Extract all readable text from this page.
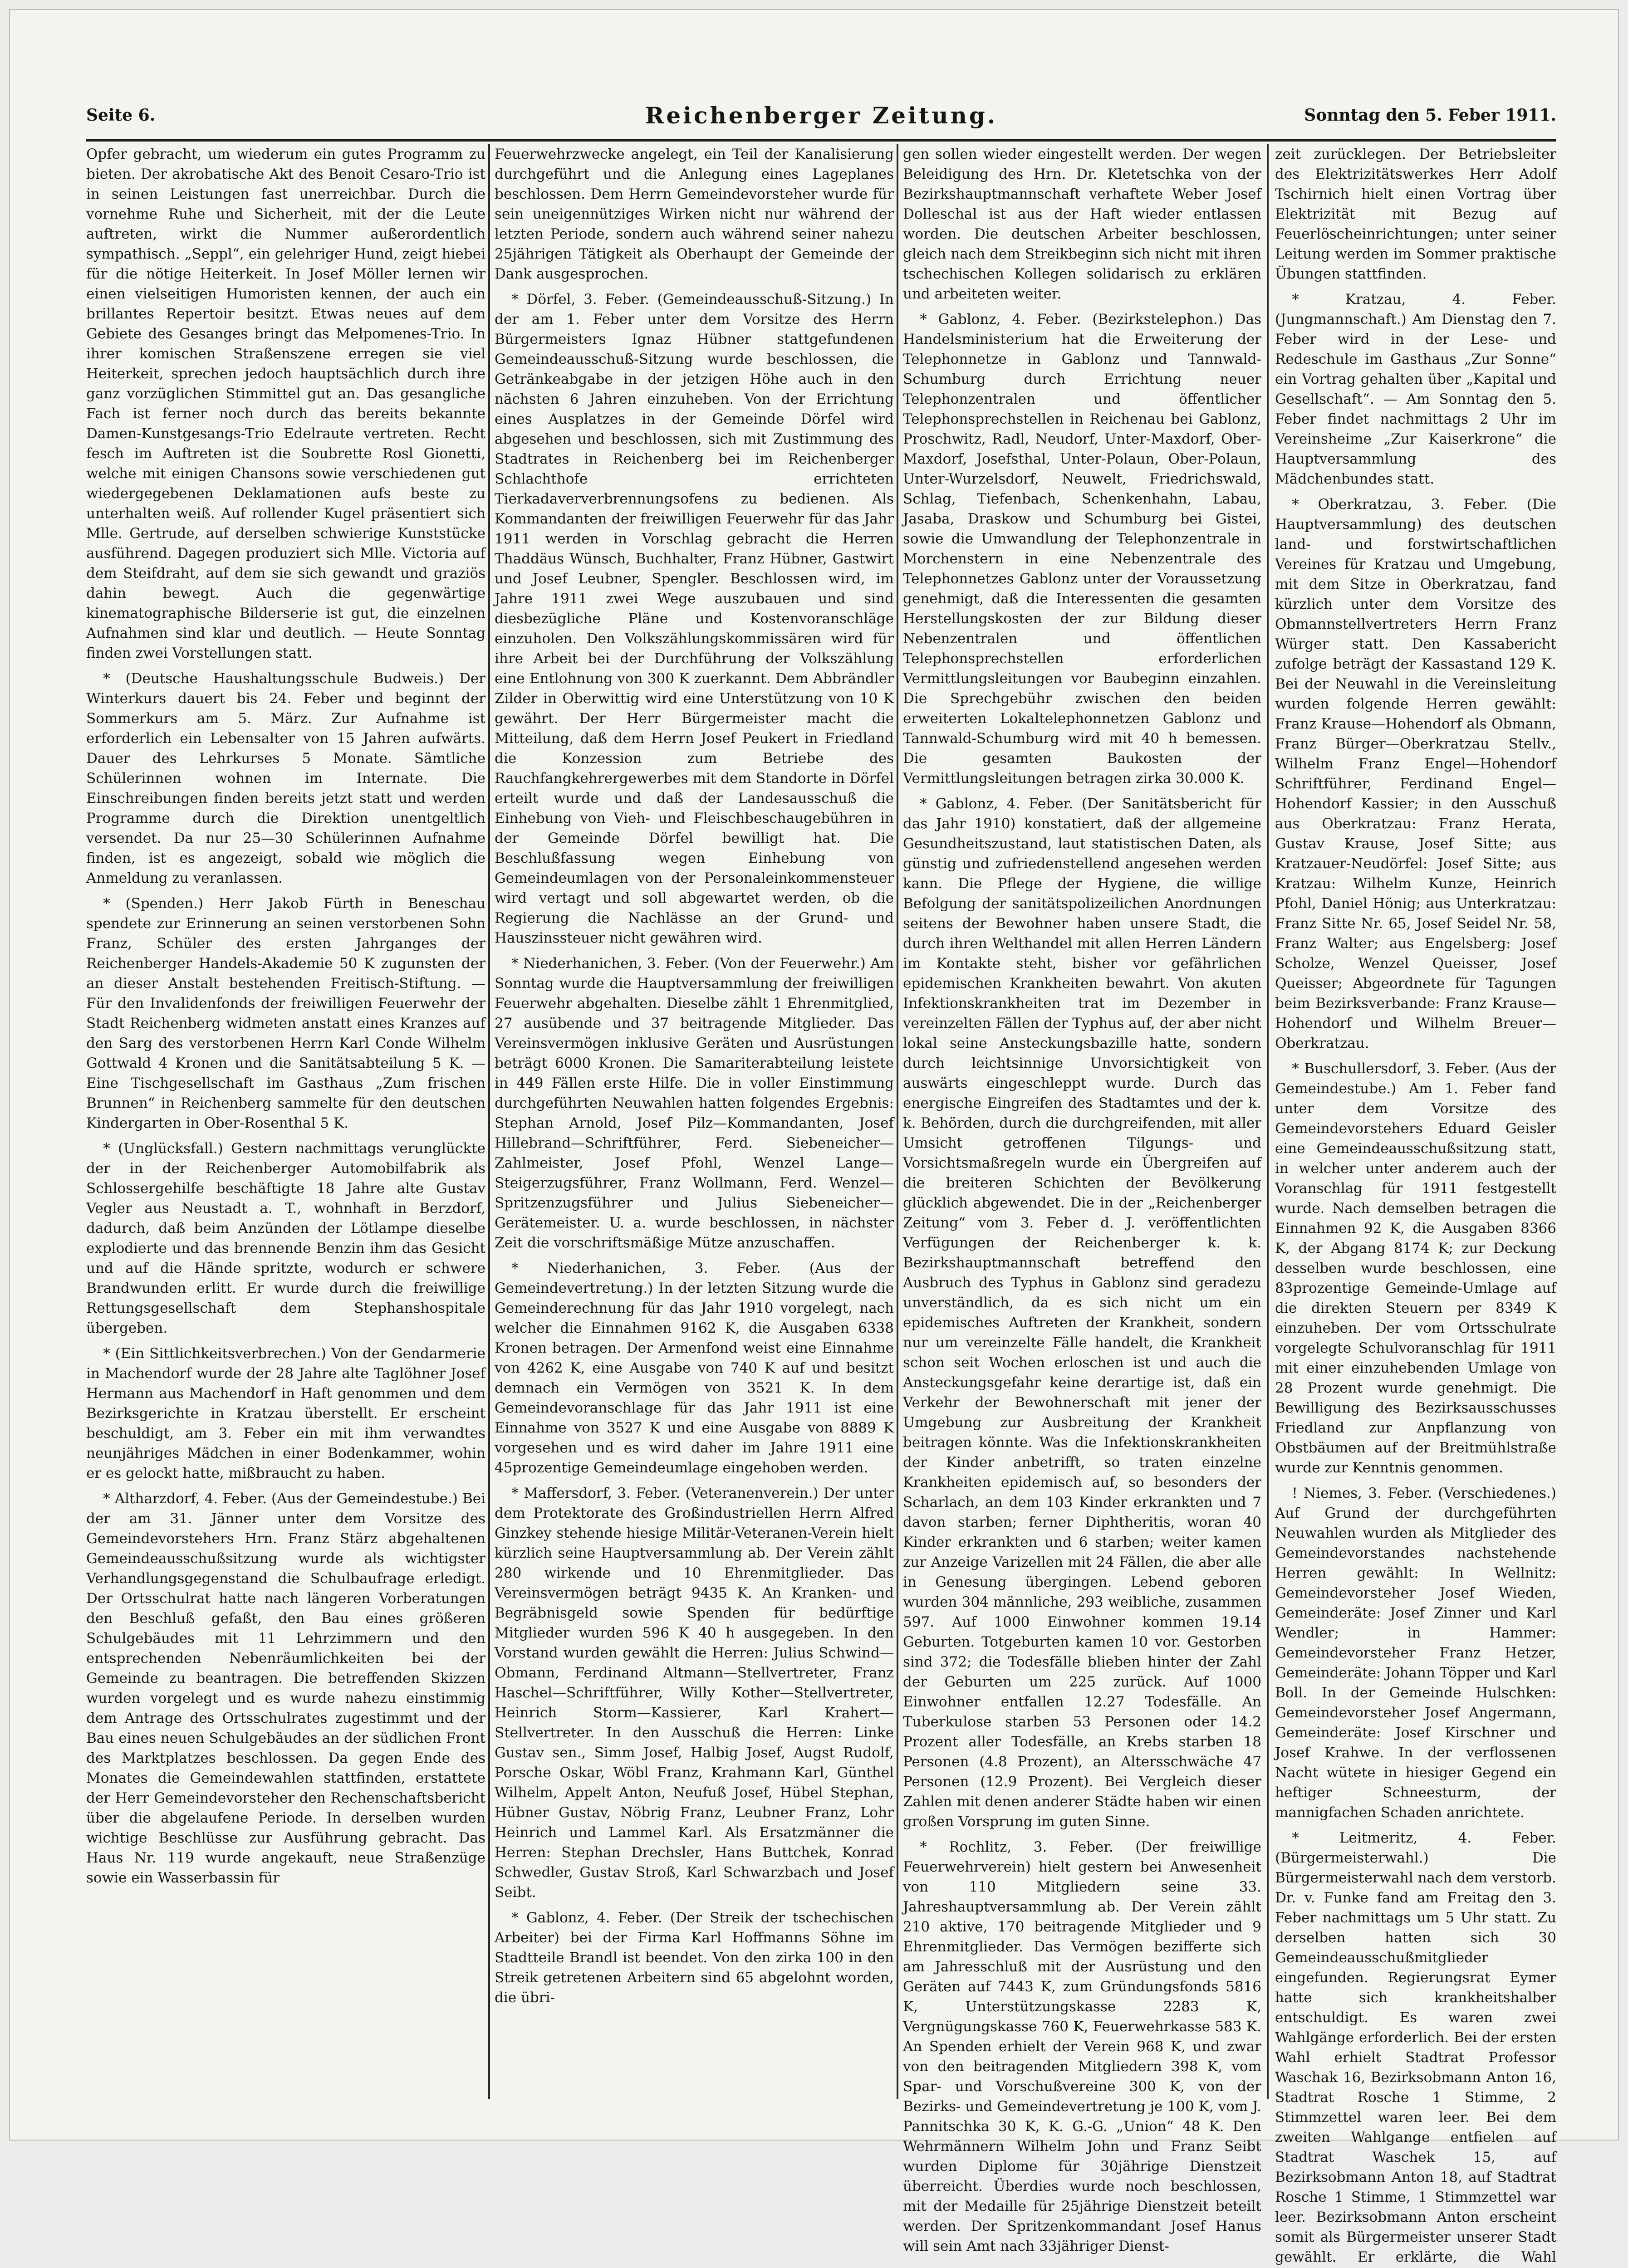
Seite 6.	Reichenberger Zeitung.	Sonntag den 5. Feber 1911.

Opfer gebracht, um wiederum ein gutes Programm zu bieten. Der akrobatische Akt des Benoit Cesaro-Trio ist in seinen Leistungen fast unerreichbar. Durch die vornehme Ruhe und Sicherheit, mit der die Leute auftreten, wirkt die Nummer außerordentlich sympathisch. „Seppl“, ein gelehriger Hund, zeigt hiebei für die nötige Heiterkeit. In Josef Möller lernen wir einen vielseitigen Humoristen kennen, der auch ein brillantes Repertoir besitzt. Etwas neues auf dem Gebiete des Gesanges bringt das Melpomenes-Trio. In ihrer komischen Straßenszene erregen sie viel Heiterkeit, sprechen jedoch hauptsächlich durch ihre ganz vorzüglichen Stimmittel gut an. Das gesangliche Fach ist ferner noch durch das bereits bekannte Damen-Kunstgesangs-Trio Edelraute vertreten. Recht fesch im Auftreten ist die Soubrette Rosl Gionetti, welche mit einigen Chansons sowie verschiedenen gut wiedergegebenen Deklamationen aufs beste zu unterhalten weiß. Auf rollender Kugel präsentiert sich Mlle. Gertrude, auf derselben schwierige Kunststücke ausführend. Dagegen produziert sich Mlle. Victoria auf dem Steifdraht, auf dem sie sich gewandt und graziös dahin bewegt. Auch die gegenwärtige kinematographische Bilderserie ist gut, die einzelnen Aufnahmen sind klar und deutlich. — Heute Sonntag finden zwei Vorstellungen statt.

* (Deutsche Haushaltungsschule Budweis.) Der Winterkurs dauert bis 24. Feber und beginnt der Sommerkurs am 5. März. Zur Aufnahme ist erforderlich ein Lebensalter von 15 Jahren aufwärts. Dauer des Lehrkurses 5 Monate. Sämtliche Schülerinnen wohnen im Internate. Die Einschreibungen finden bereits jetzt statt und werden Programme durch die Direktion unentgeltlich versendet. Da nur 25—30 Schülerinnen Aufnahme finden, ist es angezeigt, sobald wie möglich die Anmeldung zu veranlassen.

* (Spenden.) Herr Jakob Fürth in Beneschau spendete zur Erinnerung an seinen verstorbenen Sohn Franz, Schüler des ersten Jahrganges der Reichenberger Handels-Akademie 50 K zugunsten der an dieser Anstalt bestehenden Freitisch-Stiftung. — Für den Invalidenfonds der freiwilligen Feuerwehr der Stadt Reichenberg widmeten anstatt eines Kranzes auf den Sarg des verstorbenen Herrn Karl Conde Wilhelm Gottwald 4 Kronen und die Sanitätsabteilung 5 K. — Eine Tischgesellschaft im Gasthaus „Zum frischen Brunnen“ in Reichenberg sammelte für den deutschen Kindergarten in Ober-Rosenthal 5 K.

* (Unglücksfall.) Gestern nachmittags verunglückte der in der Reichenberger Automobilfabrik als Schlossergehilfe beschäftigte 18 Jahre alte Gustav Vegler aus Neustadt a. T., wohnhaft in Berzdorf, dadurch, daß beim Anzünden der Lötlampe dieselbe explodierte und das brennende Benzin ihm das Gesicht und auf die Hände spritzte, wodurch er schwere Brandwunden erlitt. Er wurde durch die freiwillige Rettungsgesellschaft dem Stephanshospitale übergeben.

* (Ein Sittlichkeitsverbrechen.) Von der Gendarmerie in Machendorf wurde der 28 Jahre alte Taglöhner Josef Hermann aus Machendorf in Haft genommen und dem Bezirksgerichte in Kratzau überstellt. Er erscheint beschuldigt, am 3. Feber ein mit ihm verwandtes neunjähriges Mädchen in einer Bodenkammer, wohin er es gelockt hatte, mißbraucht zu haben.

* Altharzdorf, 4. Feber. (Aus der Gemeindestube.) Bei der am 31. Jänner unter dem Vorsitze des Gemeindevorstehers Hrn. Franz Stärz abgehaltenen Gemeindeausschußsitzung wurde als wichtigster Verhandlungsgegenstand die Schulbaufrage erledigt. Der Ortsschulrat hatte nach längeren Vorberatungen den Beschluß gefaßt, den Bau eines größeren Schulgebäudes mit 11 Lehrzimmern und den entsprechenden Nebenräumlichkeiten bei der Gemeinde zu beantragen. Die betreffenden Skizzen wurden vorgelegt und es wurde nahezu einstimmig dem Antrage des Ortsschulrates zugestimmt und der Bau eines neuen Schulgebäudes an der südlichen Front des Marktplatzes beschlossen. Da gegen Ende des Monates die Gemeindewahlen stattfinden, erstattete der Herr Gemeindevorsteher den Rechenschaftsbericht über die abgelaufene Periode. In derselben wurden wichtige Beschlüsse zur Ausführung gebracht. Das Haus Nr. 119 wurde angekauft, neue Straßenzüge sowie ein Wasserbassin für

Feuerwehrzwecke angelegt, ein Teil der Kanalisierung durchgeführt und die Anlegung eines Lageplanes beschlossen. Dem Herrn Gemeindevorsteher wurde für sein uneigennütziges Wirken nicht nur während der letzten Periode, sondern auch während seiner nahezu 25jährigen Tätigkeit als Oberhaupt der Gemeinde der Dank ausgesprochen.

* Dörfel, 3. Feber. (Gemeindeausschuß-Sitzung.) In der am 1. Feber unter dem Vorsitze des Herrn Bürgermeisters Ignaz Hübner stattgefundenen Gemeindeausschuß-Sitzung wurde beschlossen, die Getränkeabgabe in der jetzigen Höhe auch in den nächsten 6 Jahren einzuheben. Von der Errichtung eines Ausplatzes in der Gemeinde Dörfel wird abgesehen und beschlossen, sich mit Zustimmung des Stadtrates in Reichenberg bei im Reichenberger Schlachthofe errichteten Tierkadaververbrennungsofens zu bedienen. Als Kommandanten der freiwilligen Feuerwehr für das Jahr 1911 werden in Vorschlag gebracht die Herren Thaddäus Wünsch, Buchhalter, Franz Hübner, Gastwirt und Josef Leubner, Spengler. Beschlossen wird, im Jahre 1911 zwei Wege auszubauen und sind diesbezügliche Pläne und Kostenvoranschläge einzuholen. Den Volkszählungskommissären wird für ihre Arbeit bei der Durchführung der Volkszählung eine Entlohnung von 300 K zuerkannt. Dem Abbrändler Zilder in Oberwittig wird eine Unterstützung von 10 K gewährt. Der Herr Bürgermeister macht die Mitteilung, daß dem Herrn Josef Peukert in Friedland die Konzession zum Betriebe des Rauchfangkehrergewerbes mit dem Standorte in Dörfel erteilt wurde und daß der Landesausschuß die Einhebung von Vieh- und Fleischbeschaugebühren in der Gemeinde Dörfel bewilligt hat. Die Beschlußfassung wegen Einhebung von Gemeindeumlagen von der Personaleinkommensteuer wird vertagt und soll abgewartet werden, ob die Regierung die Nachlässe an der Grund- und Hauszinssteuer nicht gewähren wird.

* Niederhanichen, 3. Feber. (Von der Feuerwehr.) Am Sonntag wurde die Hauptversammlung der freiwilligen Feuerwehr abgehalten. Dieselbe zählt 1 Ehrenmitglied, 27 ausübende und 37 beitragende Mitglieder. Das Vereinsvermögen inklusive Geräten und Ausrüstungen beträgt 6000 Kronen. Die Samariterabteilung leistete in 449 Fällen erste Hilfe. Die in voller Einstimmung durchgeführten Neuwahlen hatten folgendes Ergebnis: Stephan Arnold, Josef Pilz—Kommandanten, Josef Hillebrand—Schriftführer, Ferd. Siebeneicher—Zahlmeister, Josef Pfohl, Wenzel Lange—Steigerzugsführer, Franz Wollmann, Ferd. Wenzel—Spritzenzugsführer und Julius Siebeneicher—Gerätemeister. U. a. wurde beschlossen, in nächster Zeit die vorschriftsmäßige Mütze anzuschaffen.

* Niederhanichen, 3. Feber. (Aus der Gemeindevertretung.) In der letzten Sitzung wurde die Gemeinderechnung für das Jahr 1910 vorgelegt, nach welcher die Einnahmen 9162 K, die Ausgaben 6338 Kronen betragen. Der Armenfond weist eine Einnahme von 4262 K, eine Ausgabe von 740 K auf und besitzt demnach ein Vermögen von 3521 K. In dem Gemeindevoranschlage für das Jahr 1911 ist eine Einnahme von 3527 K und eine Ausgabe von 8889 K vorgesehen und es wird daher im Jahre 1911 eine 45prozentige Gemeindeumlage eingehoben werden.

* Maffersdorf, 3. Feber. (Veteranenverein.) Der unter dem Protektorate des Großindustriellen Herrn Alfred Ginzkey stehende hiesige Militär-Veteranen-Verein hielt kürzlich seine Hauptversammlung ab. Der Verein zählt 280 wirkende und 10 Ehrenmitglieder. Das Vereinsvermögen beträgt 9435 K. An Kranken- und Begräbnisgeld sowie Spenden für bedürftige Mitglieder wurden 596 K 40 h ausgegeben. In den Vorstand wurden gewählt die Herren: Julius Schwind—Obmann, Ferdinand Altmann—Stellvertreter, Franz Haschel—Schriftführer, Willy Kother—Stellvertreter, Heinrich Storm—Kassierer, Karl Krahert—Stellvertreter. In den Ausschuß die Herren: Linke Gustav sen., Simm Josef, Halbig Josef, Augst Rudolf, Porsche Oskar, Wöbl Franz, Krahmann Karl, Günthel Wilhelm, Appelt Anton, Neufuß Josef, Hübel Stephan, Hübner Gustav, Nöbrig Franz, Leubner Franz, Lohr Heinrich und Lammel Karl. Als Ersatzmänner die Herren: Stephan Drechsler, Hans Buttchek, Konrad Schwedler, Gustav Stroß, Karl Schwarzbach und Josef Seibt.

* Gablonz, 4. Feber. (Der Streik der tschechischen Arbeiter) bei der Firma Karl Hoffmanns Söhne im Stadtteile Brandl ist beendet. Von den zirka 100 in den Streik getretenen Arbeitern sind 65 abgelohnt worden, die übri-

gen sollen wieder eingestellt werden. Der wegen Beleidigung des Hrn. Dr. Kletetschka von der Bezirkshauptmannschaft verhaftete Weber Josef Dolleschal ist aus der Haft wieder entlassen worden. Die deutschen Arbeiter beschlossen, gleich nach dem Streikbeginn sich nicht mit ihren tschechischen Kollegen solidarisch zu erklären und arbeiteten weiter.

* Gablonz, 4. Feber. (Bezirkstelephon.) Das Handelsministerium hat die Erweiterung der Telephonnetze in Gablonz und Tannwald-Schumburg durch Errichtung neuer Telephonzentralen und öffentlicher Telephonsprechstellen in Reichenau bei Gablonz, Proschwitz, Radl, Neudorf, Unter-Maxdorf, Ober-Maxdorf, Josefsthal, Unter-Polaun, Ober-Polaun, Unter-Wurzelsdorf, Neuwelt, Friedrichswald, Schlag, Tiefenbach, Schenkenhahn, Labau, Jasaba, Draskow und Schumburg bei Gistei, sowie die Umwandlung der Telephonzentrale in Morchenstern in eine Nebenzentrale des Telephonnetzes Gablonz unter der Voraussetzung genehmigt, daß die Interessenten die gesamten Herstellungskosten der zur Bildung dieser Nebenzentralen und öffentlichen Telephonsprechstellen erforderlichen Vermittlungsleitungen vor Baubeginn einzahlen. Die Sprechgebühr zwischen den beiden erweiterten Lokaltelephonnetzen Gablonz und Tannwald-Schumburg wird mit 40 h bemessen. Die gesamten Baukosten der Vermittlungsleitungen betragen zirka 30.000 K.

* Gablonz, 4. Feber. (Der Sanitätsbericht für das Jahr 1910) konstatiert, daß der allgemeine Gesundheitszustand, laut statistischen Daten, als günstig und zufriedenstellend angesehen werden kann. Die Pflege der Hygiene, die willige Befolgung der sanitätspolizeilichen Anordnungen seitens der Bewohner haben unsere Stadt, die durch ihren Welthandel mit allen Herren Ländern im Kontakte steht, bisher vor gefährlichen epidemischen Krankheiten bewahrt. Von akuten Infektionskrankheiten trat im Dezember in vereinzelten Fällen der Typhus auf, der aber nicht lokal seine Ansteckungsbazille hatte, sondern durch leichtsinnige Unvorsichtigkeit von auswärts eingeschleppt wurde. Durch das energische Eingreifen des Stadtamtes und der k. k. Behörden, durch die durchgreifenden, mit aller Umsicht getroffenen Tilgungs- und Vorsichtsmaßregeln wurde ein Übergreifen auf die breiteren Schichten der Bevölkerung glücklich abgewendet. Die in der „Reichenberger Zeitung“ vom 3. Feber d. J. veröffentlichten Verfügungen der Reichenberger k. k. Bezirkshauptmannschaft betreffend den Ausbruch des Typhus in Gablonz sind geradezu unverständlich, da es sich nicht um ein epidemisches Auftreten der Krankheit, sondern nur um vereinzelte Fälle handelt, die Krankheit schon seit Wochen erloschen ist und auch die Ansteckungsgefahr keine derartige ist, daß ein Verkehr der Bewohnerschaft mit jener der Umgebung zur Ausbreitung der Krankheit beitragen könnte. Was die Infektionskrankheiten der Kinder anbetrifft, so traten einzelne Krankheiten epidemisch auf, so besonders der Scharlach, an dem 103 Kinder erkrankten und 7 davon starben; ferner Diphtheritis, woran 40 Kinder erkrankten und 6 starben; weiter kamen zur Anzeige Varizellen mit 24 Fällen, die aber alle in Genesung übergingen. Lebend geboren wurden 304 männliche, 293 weibliche, zusammen 597. Auf 1000 Einwohner kommen 19.14 Geburten. Totgeburten kamen 10 vor. Gestorben sind 372; die Todesfälle blieben hinter der Zahl der Geburten um 225 zurück. Auf 1000 Einwohner entfallen 12.27 Todesfälle. An Tuberkulose starben 53 Personen oder 14.2 Prozent aller Todesfälle, an Krebs starben 18 Personen (4.8 Prozent), an Altersschwäche 47 Personen (12.9 Prozent). Bei Vergleich dieser Zahlen mit denen anderer Städte haben wir einen großen Vorsprung im guten Sinne.

* Rochlitz, 3. Feber. (Der freiwillige Feuerwehrverein) hielt gestern bei Anwesenheit von 110 Mitgliedern seine 33. Jahreshauptversammlung ab. Der Verein zählt 210 aktive, 170 beitragende Mitglieder und 9 Ehrenmitglieder. Das Vermögen bezifferte sich am Jahresschluß mit der Ausrüstung und den Geräten auf 7443 K, zum Gründungsfonds 5816 K, Unterstützungskasse 2283 K, Vergnügungskasse 760 K, Feuerwehrkasse 583 K. An Spenden erhielt der Verein 968 K, und zwar von den beitragenden Mitgliedern 398 K, vom Spar- und Vorschußvereine 300 K, von der Bezirks- und Gemeindevertretung je 100 K, vom J. Pannitschka 30 K, K. G.-G. „Union“ 48 K. Den Wehrmännern Wilhelm John und Franz Seibt wurden Diplome für 30jährige Dienstzeit überreicht. Überdies wurde noch beschlossen, mit der Medaille für 25jährige Dienstzeit beteilt werden. Der Spritzenkommandant Josef Hanus will sein Amt nach 33jähriger Dienst-

zeit zurücklegen. Der Betriebsleiter des Elektrizitätswerkes Herr Adolf Tschirnich hielt einen Vortrag über Elektrizität mit Bezug auf Feuerlöscheinrichtungen; unter seiner Leitung werden im Sommer praktische Übungen stattfinden.

* Kratzau, 4. Feber. (Jungmannschaft.) Am Dienstag den 7. Feber wird in der Lese- und Redeschule im Gasthaus „Zur Sonne“ ein Vortrag gehalten über „Kapital und Gesellschaft“. — Am Sonntag den 5. Feber findet nachmittags 2 Uhr im Vereinsheime „Zur Kaiserkrone“ die Hauptversammlung des Mädchenbundes statt.

* Oberkratzau, 3. Feber. (Die Hauptversammlung) des deutschen land- und forstwirtschaftlichen Vereines für Kratzau und Umgebung, mit dem Sitze in Oberkratzau, fand kürzlich unter dem Vorsitze des Obmannstellvertreters Herrn Franz Würger statt. Den Kassabericht zufolge beträgt der Kassastand 129 K. Bei der Neuwahl in die Vereinsleitung wurden folgende Herren gewählt: Franz Krause—Hohendorf als Obmann, Franz Bürger—Oberkratzau Stellv., Wilhelm Franz Engel—Hohendorf Schriftführer, Ferdinand Engel—Hohendorf Kassier; in den Ausschuß aus Oberkratzau: Franz Herata, Gustav Krause, Josef Sitte; aus Kratzauer-Neudörfel: Josef Sitte; aus Kratzau: Wilhelm Kunze, Heinrich Pfohl, Daniel Hönig; aus Unterkratzau: Franz Sitte Nr. 65, Josef Seidel Nr. 58, Franz Walter; aus Engelsberg: Josef Scholze, Wenzel Queisser, Josef Queisser; Abgeordnete für Tagungen beim Bezirksverbande: Franz Krause—Hohendorf und Wilhelm Breuer—Oberkratzau.

* Buschullersdorf, 3. Feber. (Aus der Gemeindestube.) Am 1. Feber fand unter dem Vorsitze des Gemeindevorstehers Eduard Geisler eine Gemeindeausschußsitzung statt, in welcher unter anderem auch der Voranschlag für 1911 festgestellt wurde. Nach demselben betragen die Einnahmen 92 K, die Ausgaben 8366 K, der Abgang 8174 K; zur Deckung desselben wurde beschlossen, eine 83prozentige Gemeinde-Umlage auf die direkten Steuern per 8349 K einzuheben. Der vom Ortsschulrate vorgelegte Schulvoranschlag für 1911 mit einer einzuhebenden Umlage von 28 Prozent wurde genehmigt. Die Bewilligung des Bezirksausschusses Friedland zur Anpflanzung von Obstbäumen auf der Breitmühlstraße wurde zur Kenntnis genommen.

! Niemes, 3. Feber. (Verschiedenes.) Auf Grund der durchgeführten Neuwahlen wurden als Mitglieder des Gemeindevorstandes nachstehende Herren gewählt: In Wellnitz: Gemeindevorsteher Josef Wieden, Gemeinderäte: Josef Zinner und Karl Wendler; in Hammer: Gemeindevorsteher Franz Hetzer, Gemeinderäte: Johann Töpper und Karl Boll. In der Gemeinde Hulschken: Gemeindevorsteher Josef Angermann, Gemeinderäte: Josef Kirschner und Josef Krahwe. In der verflossenen Nacht wütete in hiesiger Gegend ein heftiger Schneesturm, der mannigfachen Schaden anrichtete.

* Leitmeritz, 4. Feber. (Bürgermeisterwahl.) Die Bürgermeisterwahl nach dem verstorb. Dr. v. Funke fand am Freitag den 3. Feber nachmittags um 5 Uhr statt. Zu derselben hatten sich 30 Gemeindeausschußmitglieder eingefunden. Regierungsrat Eymer hatte sich krankheitshalber entschuldigt. Es waren zwei Wahlgänge erforderlich. Bei der ersten Wahl erhielt Stadtrat Professor Waschak 16, Bezirksobmann Anton 16, Stadtrat Rosche 1 Stimme, 2 Stimmzettel waren leer. Bei dem zweiten Wahlgange entfielen auf Stadtrat Waschek 15, auf Bezirksobmann Anton 18, auf Stadtrat Rosche 1 Stimme, 1 Stimmzettel war leer. Bezirksobmann Anton erscheint somit als Bürgermeister unserer Stadt gewählt. Er erklärte, die Wahl
